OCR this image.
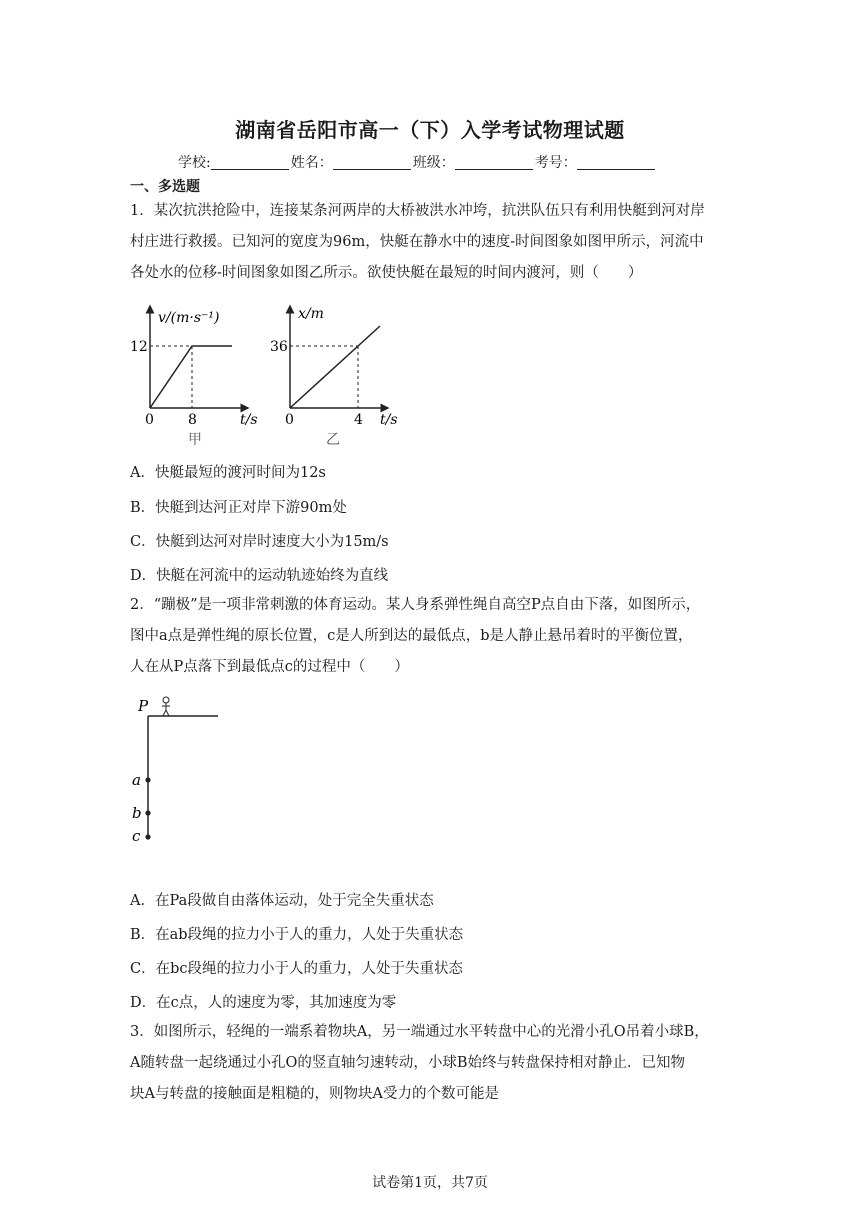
湖南省岳阳市高一（下）入学考试物理试题
学校:	姓名：	班级：	考号：
一、多选题
1．某次抗洪抢险中，连接某条河两岸的大桥被洪水冲垮，抗洪队伍只有利用快艇到河对岸
村庄进行救援。已知河的宽度为96m，快艇在静水中的速度-时间图象如图甲所示，河流中
各处水的位移-时间图象如图乙所示。欲使快艇在最短的时间内渡河，则（　　）
v/(m·s⁻¹)
12
0 8	t/s
甲
x/m
36
0	4 t/s
乙
A．快艇最短的渡河时间为12s
B．快艇到达河正对岸下游90m处
C．快艇到达河对岸时速度大小为15m/s
D．快艇在河流中的运动轨迹始终为直线
2．“蹦极”是一项非常刺激的体育运动。某人身系弹性绳自高空P点自由下落，如图所示，
图中a点是弹性绳的原长位置，c是人所到达的最低点，b是人静止悬吊着时的平衡位置，
人在从P点落下到最低点c的过程中（　　）
P
a
b
c
A．在Pa段做自由落体运动，处于完全失重状态
B．在ab段绳的拉力小于人的重力，人处于失重状态
C．在bc段绳的拉力小于人的重力，人处于失重状态
D．在c点，人的速度为零，其加速度为零
3．如图所示，轻绳的一端系着物块A，另一端通过水平转盘中心的光滑小孔O吊着小球B，
A随转盘一起绕通过小孔O的竖直轴匀速转动，小球B始终与转盘保持相对静止．已知物
块A与转盘的接触面是粗糙的，则物块A受力的个数可能是
试卷第1页，共7页
